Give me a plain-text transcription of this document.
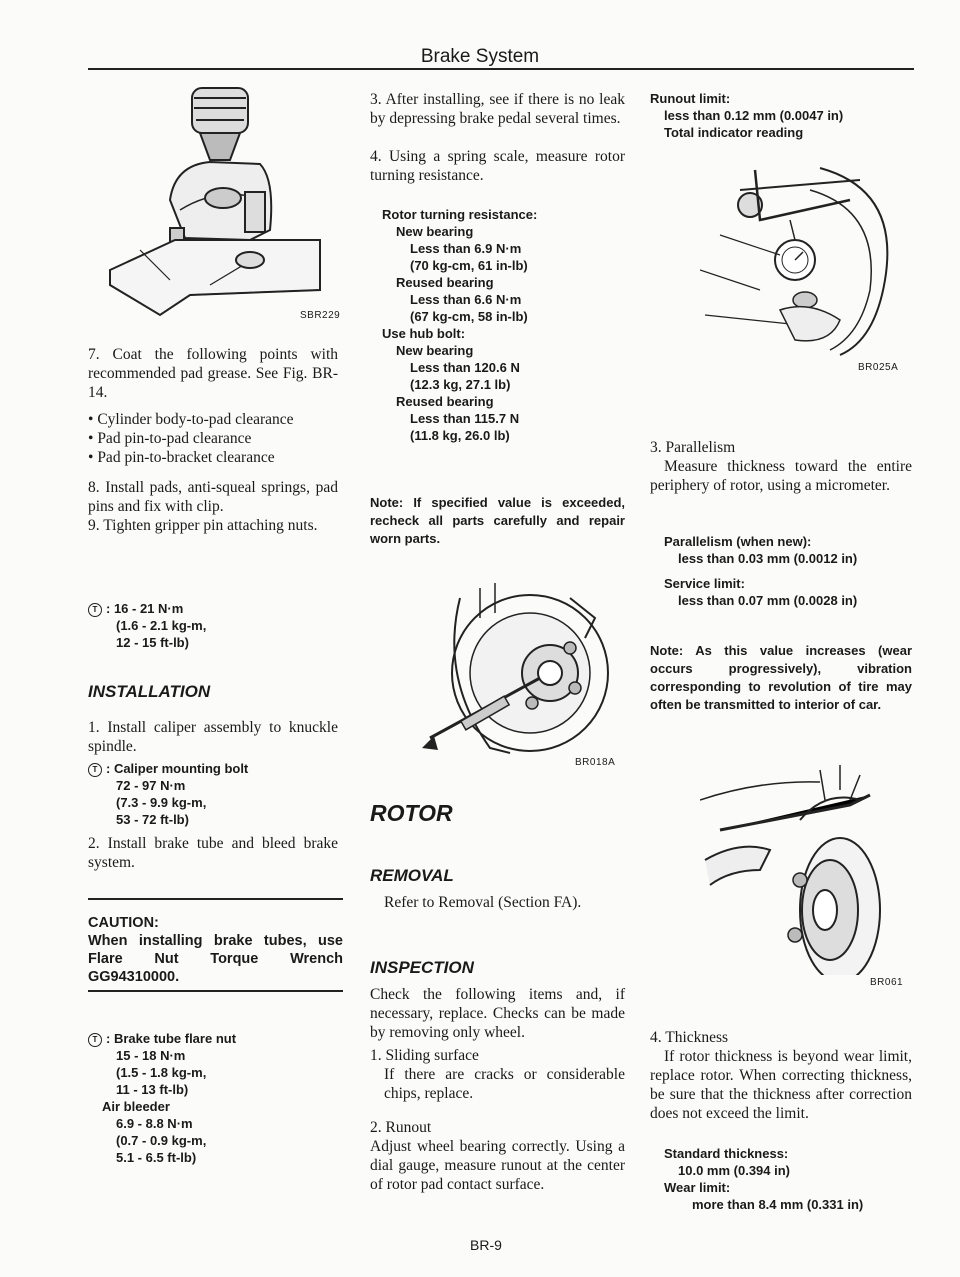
Brake System
SBR229
7. Coat the following points with recommended pad grease. See Fig. BR-14.
• Cylinder body-to-pad clearance
• Pad pin-to-pad clearance
• Pad pin-to-bracket clearance
8. Install pads, anti-squeal springs, pad pins and fix with clip.
9. Tighten gripper pin attaching nuts.
T : 16 - 21 N·m
(1.6 - 2.1 kg-m,
12 - 15 ft-lb)
INSTALLATION
1. Install caliper assembly to knuckle spindle.
T : Caliper mounting bolt
72 - 97 N·m
(7.3 - 9.9 kg-m,
53 - 72 ft-lb)
2. Install brake tube and bleed brake system.
CAUTION:
When installing brake tubes, use Flare Nut Torque Wrench GG94310000.
T : Brake tube flare nut
15 - 18 N·m
(1.5 - 1.8 kg-m,
11 - 13 ft-lb)
Air bleeder
6.9 - 8.8 N·m
(0.7 - 0.9 kg-m,
5.1 - 6.5 ft-lb)
3. After installing, see if there is no leak by depressing brake pedal several times.
4. Using a spring scale, measure rotor turning resistance.
Rotor turning resistance:
New bearing
Less than 6.9 N·m
(70 kg-cm, 61 in-lb)
Reused bearing
Less than 6.6 N·m
(67 kg-cm, 58 in-lb)
Use hub bolt:
New bearing
Less than 120.6 N
(12.3 kg, 27.1 lb)
Reused bearing
Less than 115.7 N
(11.8 kg, 26.0 lb)
Note: If specified value is exceeded, recheck all parts carefully and repair worn parts.
BR018A
ROTOR
REMOVAL
Refer to Removal (Section FA).
INSPECTION
Check the following items and, if necessary, replace. Checks can be made by removing only wheel.
1. Sliding surface
If there are cracks or considerable chips, replace.
2. Runout
Adjust wheel bearing correctly. Using a dial gauge, measure runout at the center of rotor pad contact surface.
BR-9
Runout limit:
less than 0.12 mm (0.0047 in)
Total indicator reading
BR025A
3. Parallelism
Measure thickness toward the entire periphery of rotor, using a micrometer.
Parallelism (when new):
less than 0.03 mm (0.0012 in)
Service limit:
less than 0.07 mm (0.0028 in)
Note: As this value increases (wear occurs progressively), vibration corresponding to revolution of tire may often be transmitted to interior of car.
BR061
4. Thickness
If rotor thickness is beyond wear limit, replace rotor. When correcting thickness, be sure that the thickness after correction does not exceed the limit.
Standard thickness:
10.0 mm (0.394 in)
Wear limit:
more than 8.4 mm (0.331 in)
